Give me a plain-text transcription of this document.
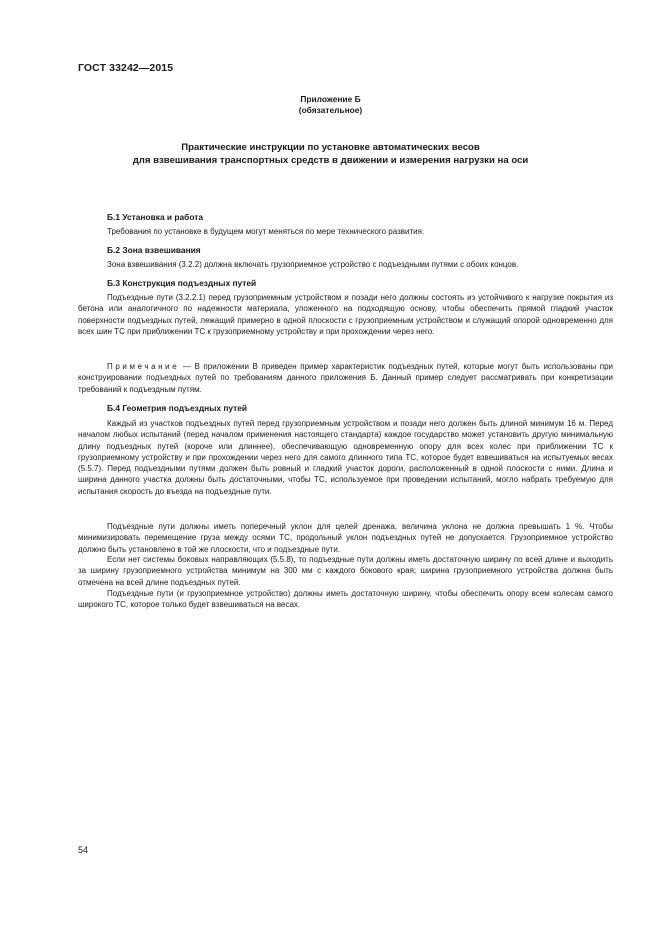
ГОСТ 33242—2015
Приложение Б
(обязательное)
Практические инструкции по установке автоматических весов
для взвешивания транспортных средств в движении и измерения нагрузки на оси
Б.1 Установка и работа

Требования по установке в будущем могут меняться по мере технического развития.

Б.2 Зона взвешивания

Зона взвешивания (3.2.2) должна включать грузоприемное устройство с подъездными путями с обоих концов.

Б.3 Конструкция подъездных путей

Подъездные пути (3.2.2.1) перед грузоприемным устройством и позади него должны состоять из устойчивого к нагрузке покрытия из бетона или аналогичного по надежности материала, уложенного на подходящую основу, чтобы обеспечить прямой гладкий участок поверхности подъездных путей, лежащий примерно в одной плоскости с грузоприемным устройством и служащий опорой одновременно для всех шин ТС при приближении ТС к грузоприемному устройству и при прохождении через него.

Примечание — В приложении В приведен пример характеристик подъездных путей, которые могут быть использованы при конструировании подъездных путей по требованиям данного приложения Б. Данный пример следует рассматривать при конкретизации требований к подъездным путям.

Б.4 Геометрия подъездных путей

Каждый из участков подъездных путей перед грузоприемным устройством и позади него должен быть длиной минимум 16 м. Перед началом любых испытаний (перед началом применения настоящего стандарта) каждое государство может установить другую минимальную длину подъездных путей (короче или длиннее), обеспечивающую одновременную опору для всех колес при приближении ТС к грузоприемному устройству и при прохождении через него для самого длинного типа ТС, которое будет взвешиваться на испытуемых весах (5.5.7). Перед подъездными путями должен быть ровный и гладкий участок дороги, расположенный в одной плоскости с ними. Длина и ширина данного участка должны быть достаточными, чтобы ТС, используемое при проведении испытаний, могло набрать требуемую для испытания скорость до въезда на подъездные пути.

Подъездные пути должны иметь поперечный уклон для целей дренажа, величина уклона не должна превышать 1 %. Чтобы минимизировать перемещение груза между осями ТС, продольный уклон подъездных путей не допускается. Грузоприемное устройство должно быть установлено в той же плоскости, что и подъездные пути.

Если нет системы боковых направляющих (5.5.8), то подъездные пути должны иметь достаточную ширину по всей длине и выходить за ширину грузоприемного устройства минимум на 300 мм с каждого бокового края; ширина грузоприемного устройства должна быть отмечена на всей длине подъездных путей.

Подъездные пути (и грузоприемное устройство) должны иметь достаточную ширину, чтобы обеспечить опору всем колесам самого широкого ТС, которое только будет взвешиваться на весах.

54
